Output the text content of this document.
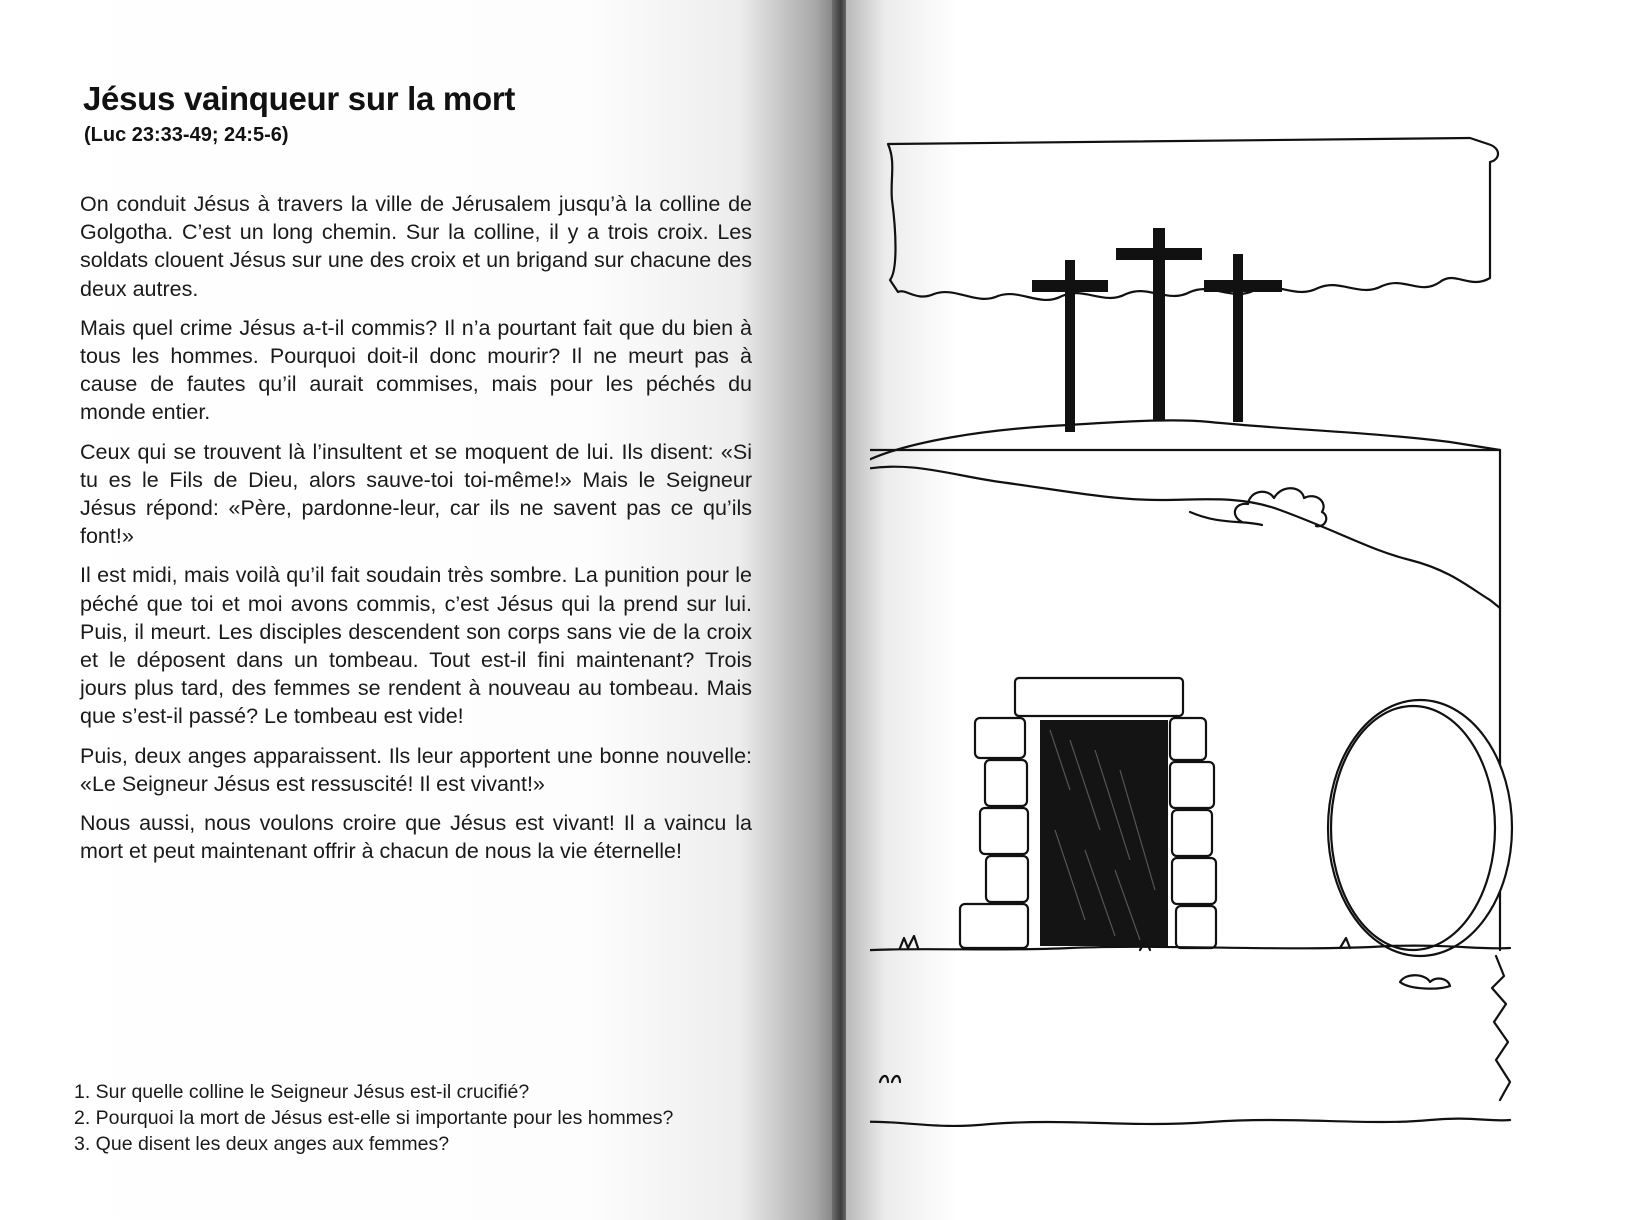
Jésus vainqueur sur la mort
(Luc 23:33-49; 24:5-6)

On conduit Jésus à travers la ville de Jérusalem jusqu’à la colline de Golgotha. C’est un long chemin. Sur la colline, il y a trois croix. Les soldats clouent Jésus sur une des croix et un brigand sur chacune des deux autres.

Mais quel crime Jésus a-t-il commis? Il n’a pourtant fait que du bien à tous les hommes. Pourquoi doit-il donc mourir? Il ne meurt pas à cause de fautes qu’il aurait commises, mais pour les péchés du monde entier.

Ceux qui se trouvent là l’insultent et se moquent de lui. Ils disent: «Si tu es le Fils de Dieu, alors sauve-toi toi-même!» Mais le Seigneur Jésus répond: «Père, pardonne-leur, car ils ne savent pas ce qu’ils font!»

Il est midi, mais voilà qu’il fait soudain très sombre. La punition pour le péché que toi et moi avons commis, c’est Jésus qui la prend sur lui. Puis, il meurt. Les disciples descendent son corps sans vie de la croix et le déposent dans un tombeau. Tout est-il fini maintenant? Trois jours plus tard, des femmes se rendent à nouveau au tombeau. Mais que s’est-il passé? Le tombeau est vide!

Puis, deux anges apparaissent. Ils leur apportent une bonne nouvelle: «Le Seigneur Jésus est ressuscité! Il est vivant!»

Nous aussi, nous voulons croire que Jésus est vivant! Il a vaincu la mort et peut maintenant offrir à chacun de nous la vie éternelle!

1. Sur quelle colline le Seigneur Jésus est-il crucifié?
2. Pourquoi la mort de Jésus est-elle si importante pour les hommes?
3. Que disent les deux anges aux femmes?
